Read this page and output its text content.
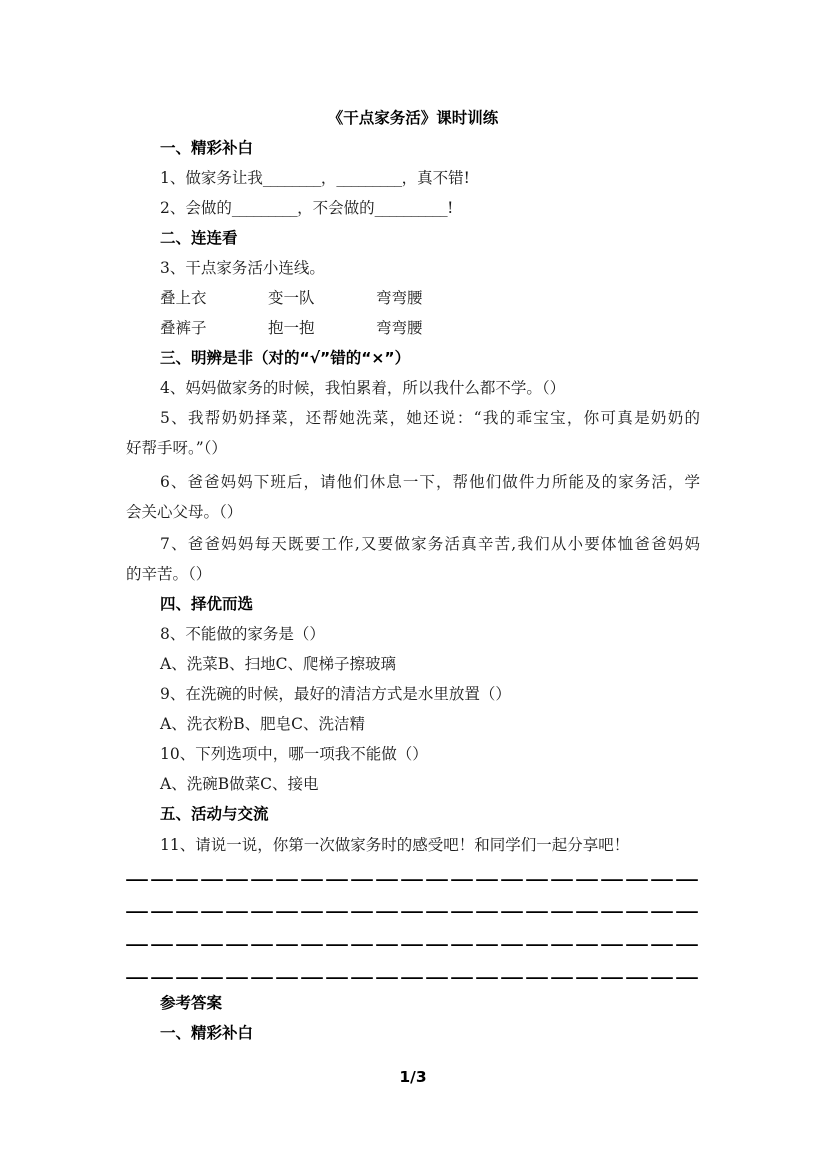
《干点家务活》课时训练
一、精彩补白
1、做家务让我________，_________，真不错!
2、会做的_________，不会做的__________!
二、连连看
3、干点家务活小连线。
叠上衣	变一队	弯弯腰
叠裤子	抱一抱	弯弯腰
三、明辨是非（对的“√”错的“×”）
4、妈妈做家务的时候，我怕累着，所以我什么都不学。（）
5、我帮奶奶择菜，还帮她洗菜，她还说：“我的乖宝宝，你可真是奶奶的
好帮手呀。”（）
6、爸爸妈妈下班后，请他们休息一下，帮他们做件力所能及的家务活，学
会关心父母。（）
7、爸爸妈妈每天既要工作,又要做家务活真辛苦,我们从小要体恤爸爸妈妈
的辛苦。（）
四、择优而选
8、不能做的家务是（）
A、洗菜B、扫地C、爬梯子擦玻璃
9、在洗碗的时候，最好的清洁方式是水里放置（）
A、洗衣粉B、肥皂C、洗洁精
10、下列选项中，哪一项我不能做（）
A、洗碗B做菜C、接电
五、活动与交流
11、请说一说，你第一次做家务时的感受吧！和同学们一起分享吧！
———————————————————————
———————————————————————
———————————————————————
———————————————————————
参考答案
一、精彩补白
1/3
